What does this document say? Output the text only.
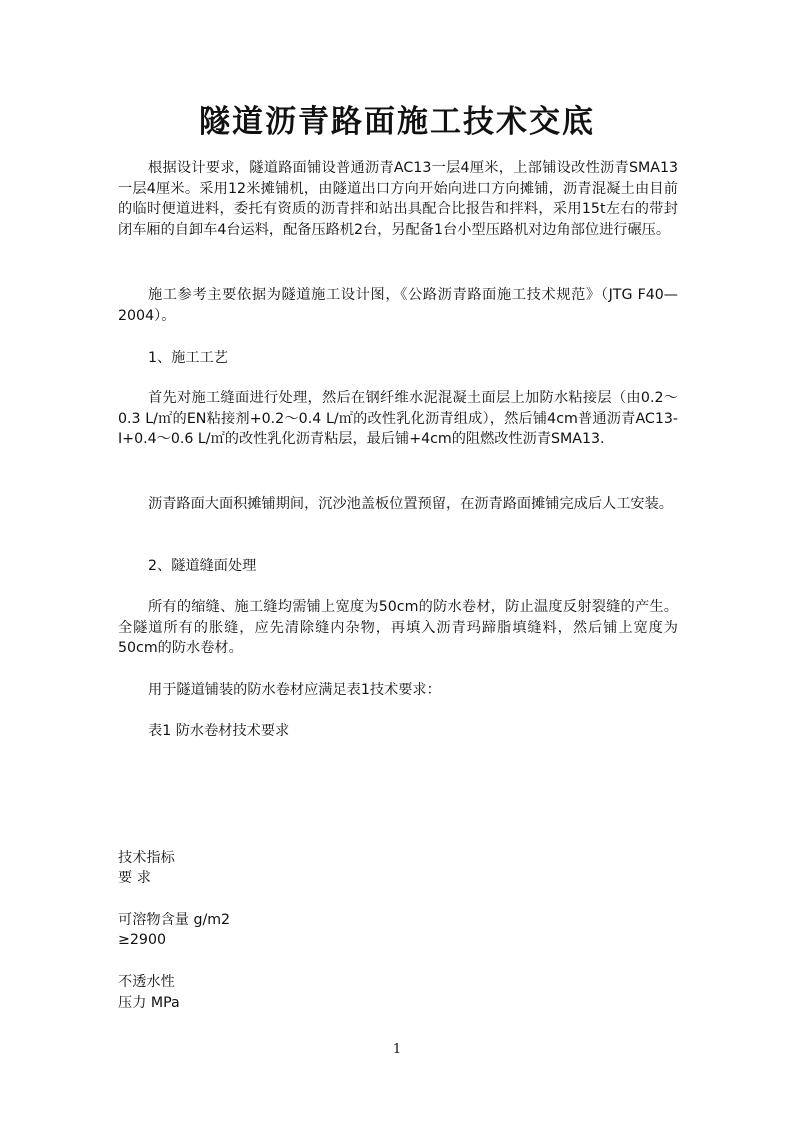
隧道沥青路面施工技术交底

根据设计要求，隧道路面铺设普通沥青AC13一层4厘米，上部铺设改性沥青SMA13一层4厘米。采用12米摊铺机，由隧道出口方向开始向进口方向摊铺，沥青混凝土由目前的临时便道进料，委托有资质的沥青拌和站出具配合比报告和拌料，采用15t左右的带封闭车厢的自卸车4台运料，配备压路机2台，另配备1台小型压路机对边角部位进行碾压。

施工参考主要依据为隧道施工设计图，《公路沥青路面施工技术规范》（JTG F40—2004）。

1、施工工艺

首先对施工缝面进行处理，然后在钢纤维水泥混凝土面层上加防水粘接层（由0.2～0.3 L/㎡的EN粘接剂+0.2～0.4 L/㎡的改性乳化沥青组成），然后铺4cm普通沥青AC13-I+0.4～0.6 L/㎡的改性乳化沥青粘层，最后铺+4cm的阻燃改性沥青SMA13.

沥青路面大面积摊铺期间，沉沙池盖板位置预留，在沥青路面摊铺完成后人工安装。

2、隧道缝面处理

所有的缩缝、施工缝均需铺上宽度为50cm的防水卷材，防止温度反射裂缝的产生。全隧道所有的胀缝，应先清除缝内杂物，再填入沥青玛蹄脂填缝料，然后铺上宽度为50cm的防水卷材。

用于隧道铺装的防水卷材应满足表1技术要求：

表1 防水卷材技术要求

技术指标

要 求

可溶物含量 g/m2

≥2900

不透水性

压力 MPa

1
